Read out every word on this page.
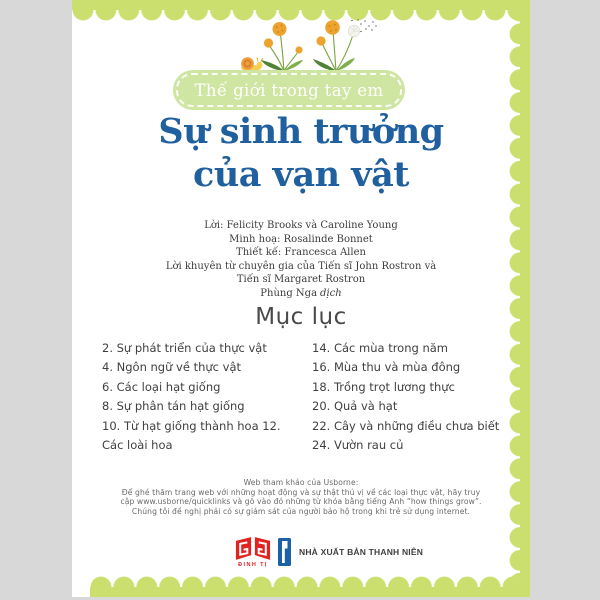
Thế giới trong tay em
Sự sinh trưởng
của vạn vật
Lời: Felicity Brooks và Caroline Young
Minh hoạ: Rosalinde Bonnet
Thiết kế: Francesca Allen
Lời khuyên từ chuyên gia của Tiến sĩ John Rostron và
Tiến sĩ Margaret Rostron
Phùng Nga dịch
Mục lục
2. Sự phát triển của thực vật
4. Ngôn ngữ về thực vật
6. Các loại hạt giống
8. Sự phân tán hạt giống
10. Từ hạt giống thành hoa 12.
Các loài hoa
14. Các mùa trong năm
16. Mùa thu và mùa đông
18. Trồng trọt lương thực
20. Quả và hạt
22. Cây và những điều chưa biết
24. Vườn rau củ
Web tham khảo của Usborne:
Để ghé thăm trang web với những hoạt động và sự thật thú vị về các loại thực vật, hãy truy
cập www.usborne/quicklinks và gõ vào đó những từ khóa bằng tiếng Anh “how things grow”.
Chúng tôi đề nghị phải có sự giám sát của người bảo hộ trong khi trẻ sử dụng internet.
ĐINH TỊ
NHÀ XUẤT BẢN THANH NIÊN
